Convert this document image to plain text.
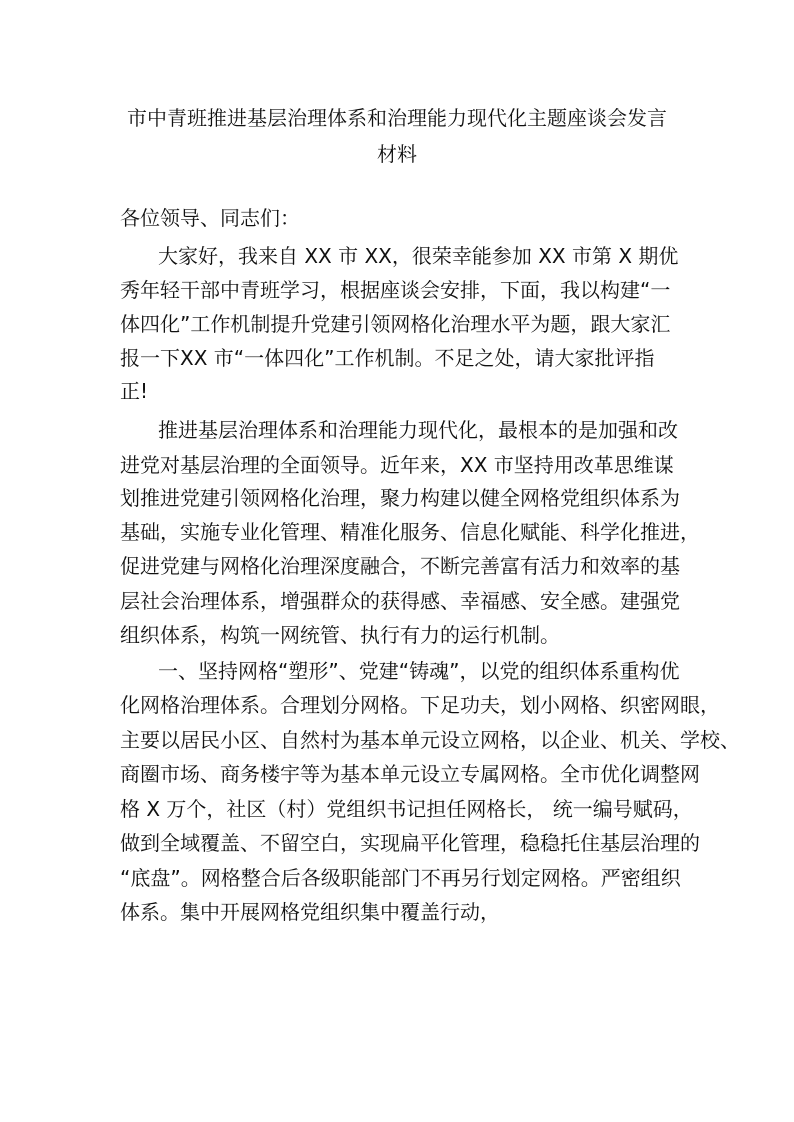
市中青班推进基层治理体系和治理能力现代化主题座谈会发言
材料

各位领导、同志们：

大家好，我来自 XX 市 XX，很荣幸能参加 XX 市第 X 期优

秀年轻干部中青班学习，根据座谈会安排，下面，我以构建“一

体四化”工作机制提升党建引领网格化治理水平为题，跟大家汇

报一下XX 市“一体四化”工作机制。不足之处，请大家批评指

正!

推进基层治理体系和治理能力现代化，最根本的是加强和改

进党对基层治理的全面领导。近年来，XX 市坚持用改革思维谋

划推进党建引领网格化治理，聚力构建以健全网格党组织体系为

基础，实施专业化管理、精准化服务、信息化赋能、科学化推进，

促进党建与网格化治理深度融合，不断完善富有活力和效率的基

层社会治理体系，增强群众的获得感、幸福感、安全感。建强党

组织体系，构筑一网统管、执行有力的运行机制。

一、坚持网格“塑形”、党建“铸魂”，以党的组织体系重构优

化网格治理体系。合理划分网格。下足功夫，划小网格、织密网眼，

主要以居民小区、自然村为基本单元设立网格，以企业、机关、学校、

商圈市场、商务楼宇等为基本单元设立专属网格。全市优化调整网

格 X 万个，社区（村）党组织书记担任网格长， 统一编号赋码，

做到全域覆盖、不留空白，实现扁平化管理，稳稳托住基层治理的

“底盘”。网格整合后各级职能部门不再另行划定网格。严密组织

体系。集中开展网格党组织集中覆盖行动，
